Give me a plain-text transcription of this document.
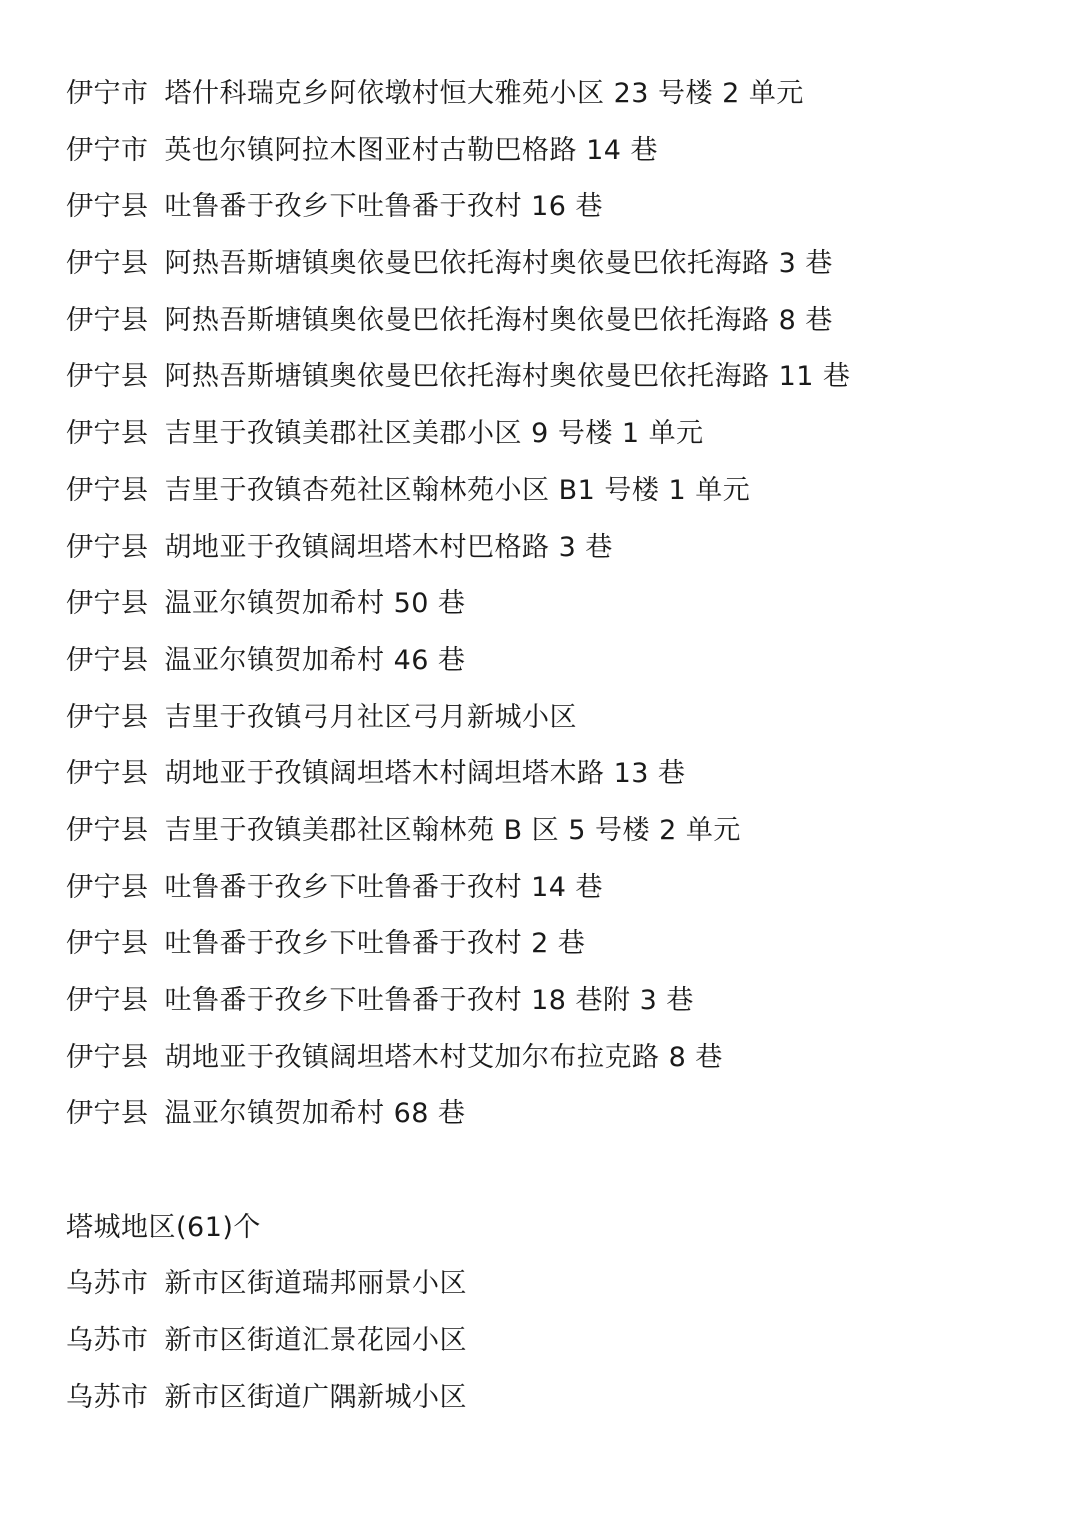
伊宁市 塔什科瑞克乡阿依墩村恒大雅苑小区 23 号楼 2 单元
伊宁市 英也尔镇阿拉木图亚村古勒巴格路 14 巷
伊宁县 吐鲁番于孜乡下吐鲁番于孜村 16 巷
伊宁县 阿热吾斯塘镇奥依曼巴依托海村奥依曼巴依托海路 3 巷
伊宁县 阿热吾斯塘镇奥依曼巴依托海村奥依曼巴依托海路 8 巷
伊宁县 阿热吾斯塘镇奥依曼巴依托海村奥依曼巴依托海路 11 巷
伊宁县 吉里于孜镇美郡社区美郡小区 9 号楼 1 单元
伊宁县 吉里于孜镇杏苑社区翰林苑小区 B1 号楼 1 单元
伊宁县 胡地亚于孜镇阔坦塔木村巴格路 3 巷
伊宁县 温亚尔镇贺加希村 50 巷
伊宁县 温亚尔镇贺加希村 46 巷
伊宁县 吉里于孜镇弓月社区弓月新城小区
伊宁县 胡地亚于孜镇阔坦塔木村阔坦塔木路 13 巷
伊宁县 吉里于孜镇美郡社区翰林苑 B 区 5 号楼 2 单元
伊宁县 吐鲁番于孜乡下吐鲁番于孜村 14 巷
伊宁县 吐鲁番于孜乡下吐鲁番于孜村 2 巷
伊宁县 吐鲁番于孜乡下吐鲁番于孜村 18 巷附 3 巷
伊宁县 胡地亚于孜镇阔坦塔木村艾加尔布拉克路 8 巷
伊宁县 温亚尔镇贺加希村 68 巷
塔城地区(61)个
乌苏市 新市区街道瑞邦丽景小区
乌苏市 新市区街道汇景花园小区
乌苏市 新市区街道广隅新城小区
